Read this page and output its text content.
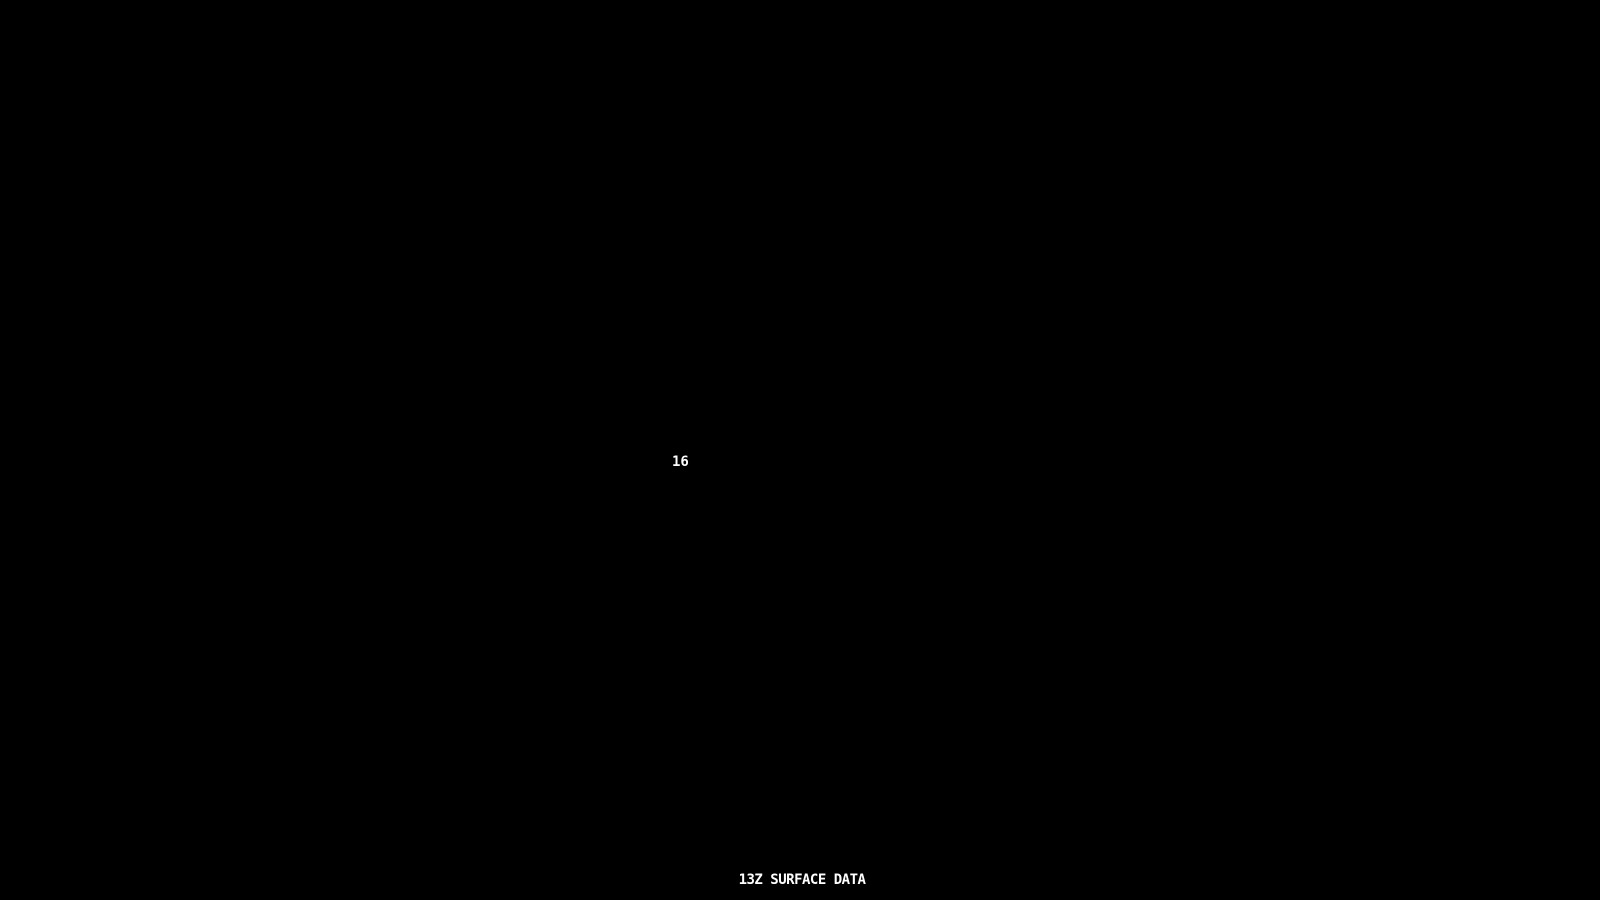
16
13Z SURFACE DATA
